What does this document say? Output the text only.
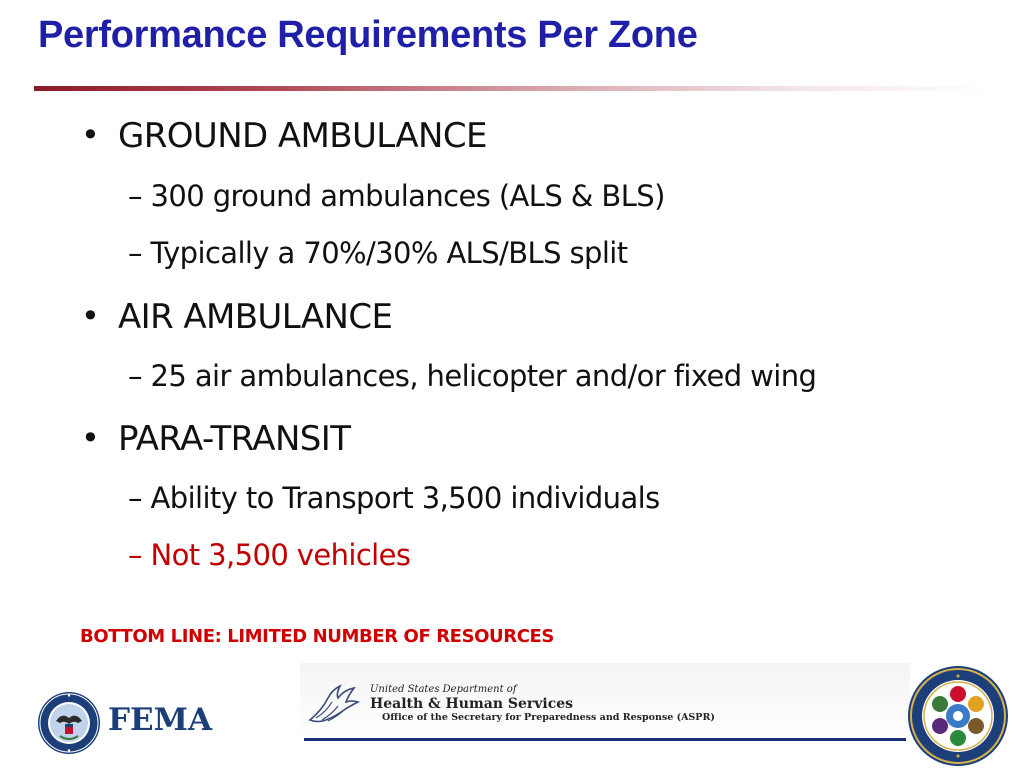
Performance Requirements Per Zone
• GROUND AMBULANCE
– 300 ground ambulances (ALS & BLS)
– Typically a 70%/30% ALS/BLS split
• AIR AMBULANCE
– 25 air ambulances, helicopter and/or fixed wing
• PARA-TRANSIT
– Ability to Transport 3,500 individuals
– Not 3,500 vehicles
BOTTOM LINE: LIMITED NUMBER OF RESOURCES
FEMA
United States Department of
Health & Human Services
Office of the Secretary for Preparedness and Response (ASPR)
